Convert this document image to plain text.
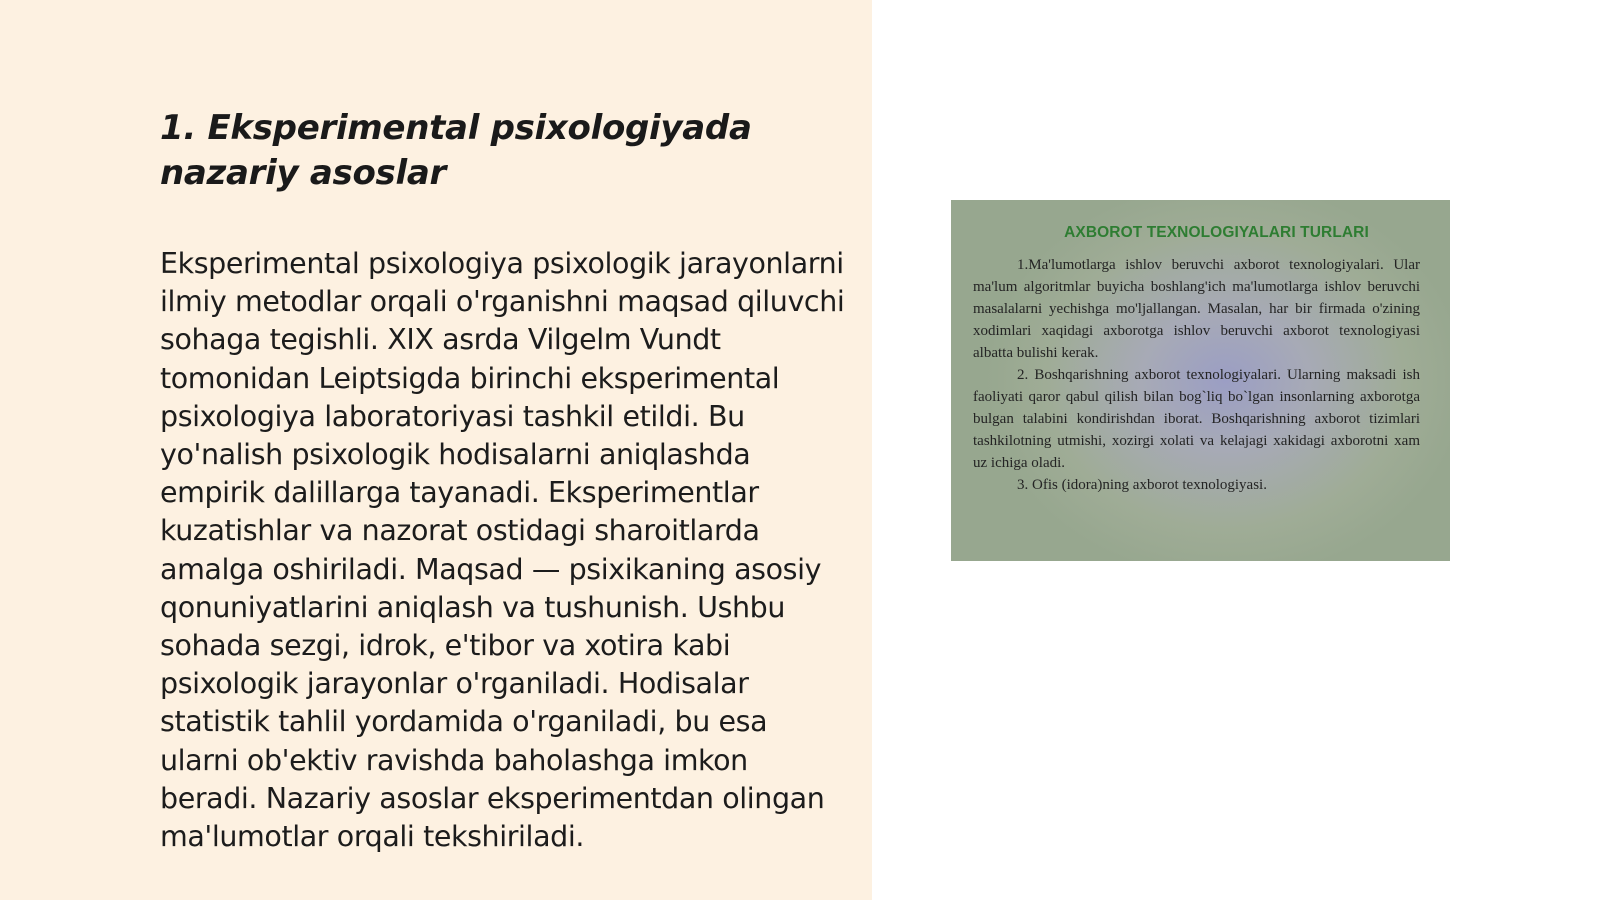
1. Eksperimental psixologiyada nazariy asoslar

Eksperimental psixologiya psixologik jarayonlarni ilmiy metodlar orqali o'rganishni maqsad qiluvchi sohaga tegishli. XIX asrda Vilgelm Vundt tomonidan Leiptsigda birinchi eksperimental psixologiya laboratoriyasi tashkil etildi. Bu yo'nalish psixologik hodisalarni aniqlashda empirik dalillarga tayanadi. Eksperimentlar kuzatishlar va nazorat ostidagi sharoitlarda amalga oshiriladi. Maqsad — psixikaning asosiy qonuniyatlarini aniqlash va tushunish. Ushbu sohada sezgi, idrok, e'tibor va xotira kabi psixologik jarayonlar o'rganiladi. Hodisalar statistik tahlil yordamida o'rganiladi, bu esa ularni ob'ektiv ravishda baholashga imkon beradi. Nazariy asoslar eksperimentdan olingan ma'lumotlar orqali tekshiriladi.

AXBOROT TEXNOLOGIYALARI TURLARI

1.Ma'lumotlarga ishlov beruvchi axborot texnologiyalari. Ular ma'lum algoritmlar buyicha boshlang'ich ma'lumotlarga ishlov beruvchi masalalarni yechishga mo'ljallangan. Masalan, har bir firmada o'zining xodimlari xaqidagi axborotga ishlov beruvchi axborot texnologiyasi albatta bulishi kerak.

2. Boshqarishning axborot texnologiyalari. Ularning maksadi ish faoliyati qaror qabul qilish bilan bog`liq bo`lgan insonlarning axborotga bulgan talabini kondirishdan iborat. Boshqarishning axborot tizimlari tashkilotning utmishi, xozirgi xolati va kelajagi xakidagi axborotni xam uz ichiga oladi.

3. Ofis (idora)ning axborot texnologiyasi.
